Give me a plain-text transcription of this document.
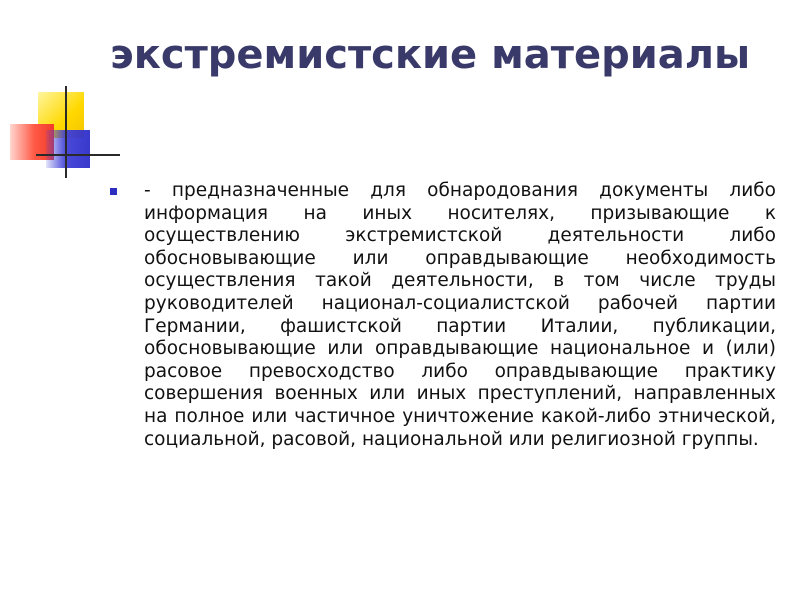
экстремистские материалы
- предназначенные для обнародования документы либо информация на иных носителях, призывающие к осуществлению экстремистской деятельности либо обосновывающие или оправдывающие необходимость осуществления такой деятельности, в том числе труды руководителей национал-социалистской рабочей партии Германии, фашистской партии Италии, публикации, обосновывающие или оправдывающие национальное и (или) расовое превосходство либо оправдывающие практику совершения военных или иных преступлений, направленных на полное или частичное уничтожение какой-либо этнической, социальной, расовой, национальной или религиозной группы.
